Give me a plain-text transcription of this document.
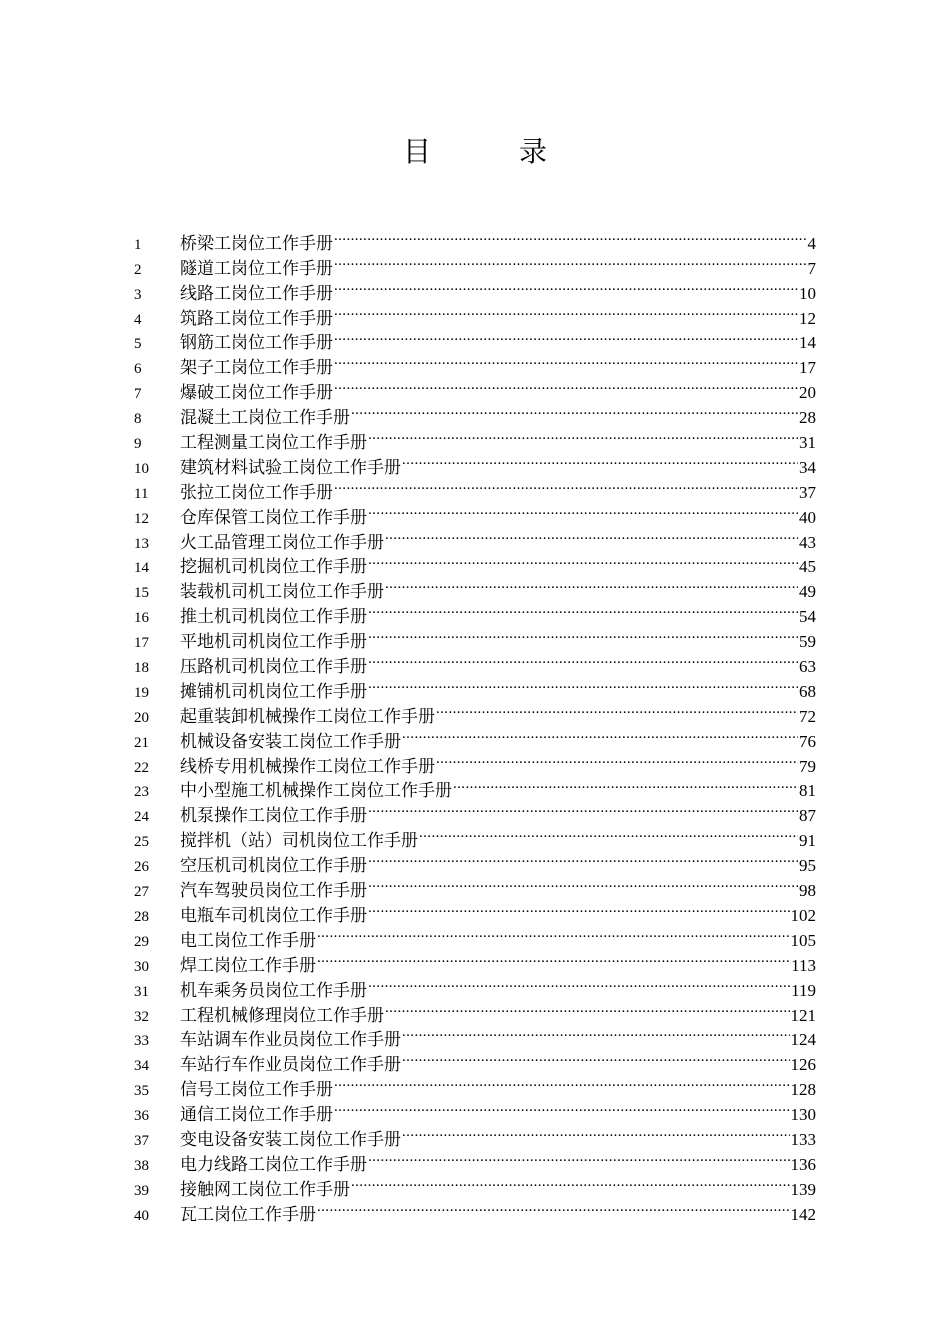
目　录
1	桥梁工岗位工作手册 .....	4
2	隧道工岗位工作手册 .....	7
3	线路工岗位工作手册 .....	10
4	筑路工岗位工作手册 .....	12
5	钢筋工岗位工作手册 .....	14
6	架子工岗位工作手册 .....	17
7	爆破工岗位工作手册 .....	20
8	混凝土工岗位工作手册 .....	28
9	工程测量工岗位工作手册 .....	31
10	建筑材料试验工岗位工作手册 .....	34
11	张拉工岗位工作手册 .....	37
12	仓库保管工岗位工作手册 .....	40
13	火工品管理工岗位工作手册 .....	43
14	挖掘机司机岗位工作手册 .....	45
15	装载机司机工岗位工作手册 .....	49
16	推土机司机岗位工作手册 .....	54
17	平地机司机岗位工作手册 .....	59
18	压路机司机岗位工作手册 .....	63
19	摊铺机司机岗位工作手册 .....	68
20	起重装卸机械操作工岗位工作手册 .....	72
21	机械设备安装工岗位工作手册 .....	76
22	线桥专用机械操作工岗位工作手册 .....	79
23	中小型施工机械操作工岗位工作手册 .....	81
24	机泵操作工岗位工作手册 .....	87
25	搅拌机（站）司机岗位工作手册 .....	91
26	空压机司机岗位工作手册 .....	95
27	汽车驾驶员岗位工作手册 .....	98
28	电瓶车司机岗位工作手册 .....	102
29	电工岗位工作手册 .....	105
30	焊工岗位工作手册 .....	113
31	机车乘务员岗位工作手册 .....	119
32	工程机械修理岗位工作手册 .....	121
33	车站调车作业员岗位工作手册 .....	124
34	车站行车作业员岗位工作手册 .....	126
35	信号工岗位工作手册 .....	128
36	通信工岗位工作手册 .....	130
37	变电设备安装工岗位工作手册 .....	133
38	电力线路工岗位工作手册 .....	136
39	接触网工岗位工作手册 .....	139
40	瓦工岗位工作手册 .....	142
